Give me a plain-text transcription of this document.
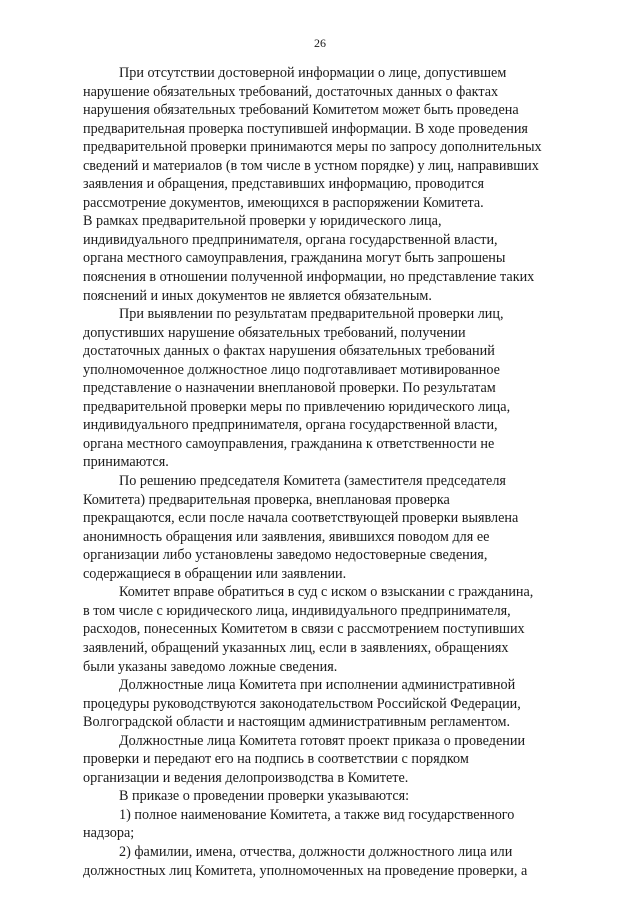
26
При отсутствии достоверной информации о лице, допустившем
нарушение обязательных требований, достаточных данных о фактах
нарушения обязательных требований Комитетом может быть проведена
предварительная проверка поступившей информации. В ходе проведения
предварительной проверки принимаются меры по запросу дополнительных
сведений и материалов (в том числе в устном порядке) у лиц, направивших
заявления и обращения, представивших информацию, проводится
рассмотрение документов, имеющихся в распоряжении Комитета.
В рамках предварительной проверки у юридического лица,
индивидуального предпринимателя, органа государственной власти,
органа местного самоуправления, гражданина могут быть запрошены
пояснения в отношении полученной информации, но представление таких
пояснений и иных документов не является обязательным.
При выявлении по результатам предварительной проверки лиц,
допустивших нарушение обязательных требований, получении
достаточных данных о фактах нарушения обязательных требований
уполномоченное должностное лицо подготавливает мотивированное
представление о назначении внеплановой проверки. По результатам
предварительной проверки меры по привлечению юридического лица,
индивидуального предпринимателя, органа государственной власти,
органа местного самоуправления, гражданина к ответственности не
принимаются.
По решению председателя Комитета (заместителя председателя
Комитета) предварительная проверка, внеплановая проверка
прекращаются, если после начала соответствующей проверки выявлена
анонимность обращения или заявления, явившихся поводом для ее
организации либо установлены заведомо недостоверные сведения,
содержащиеся в обращении или заявлении.
Комитет вправе обратиться в суд с иском о взыскании с гражданина,
в том числе с юридического лица, индивидуального предпринимателя,
расходов, понесенных Комитетом в связи с рассмотрением поступивших
заявлений, обращений указанных лиц, если в заявлениях, обращениях
были указаны заведомо ложные сведения.
Должностные лица Комитета при исполнении административной
процедуры руководствуются законодательством Российской Федерации,
Волгоградской области и настоящим административным регламентом.
Должностные лица Комитета готовят проект приказа о проведении
проверки и передают его на подпись в соответствии с порядком
организации и ведения делопроизводства в Комитете.
В приказе о проведении проверки указываются:
1) полное наименование Комитета, а также вид государственного
надзора;
2) фамилии, имена, отчества, должности должностного лица или
должностных лиц Комитета, уполномоченных на проведение проверки, а
